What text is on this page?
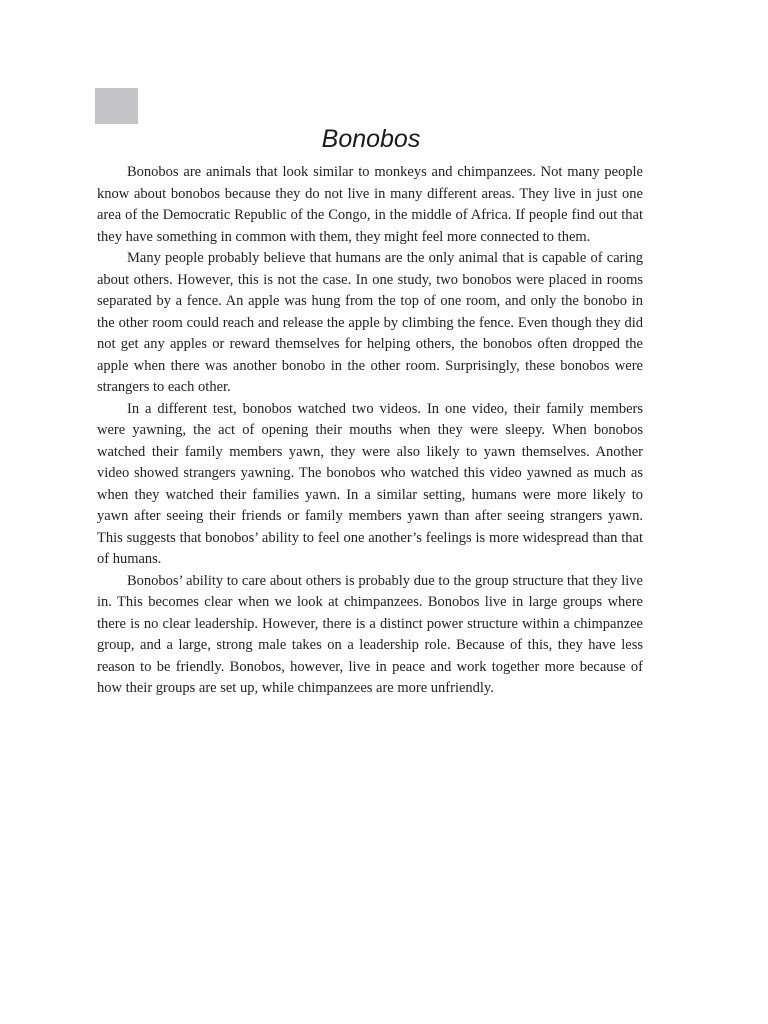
Bonobos

Bonobos are animals that look similar to monkeys and chimpanzees. Not many people know about bonobos because they do not live in many different areas. They live in just one area of the Democratic Republic of the Congo, in the middle of Africa. If people find out that they have something in common with them, they might feel more connected to them.

Many people probably believe that humans are the only animal that is capable of caring about others. However, this is not the case. In one study, two bonobos were placed in rooms separated by a fence. An apple was hung from the top of one room, and only the bonobo in the other room could reach and release the apple by climbing the fence. Even though they did not get any apples or reward themselves for helping others, the bonobos often dropped the apple when there was another bonobo in the other room. Surprisingly, these bonobos were strangers to each other.

In a different test, bonobos watched two videos. In one video, their family members were yawning, the act of opening their mouths when they were sleepy. When bonobos watched their family members yawn, they were also likely to yawn themselves. Another video showed strangers yawning. The bonobos who watched this video yawned as much as when they watched their families yawn. In a similar setting, humans were more likely to yawn after seeing their friends or family members yawn than after seeing strangers yawn. This suggests that bonobos’ ability to feel one another’s feelings is more widespread than that of humans.

Bonobos’ ability to care about others is probably due to the group structure that they live in. This becomes clear when we look at chimpanzees. Bonobos live in large groups where there is no clear leadership. However, there is a distinct power structure within a chimpanzee group, and a large, strong male takes on a leadership role. Because of this, they have less reason to be friendly. Bonobos, however, live in peace and work together more because of how their groups are set up, while chimpanzees are more unfriendly.
